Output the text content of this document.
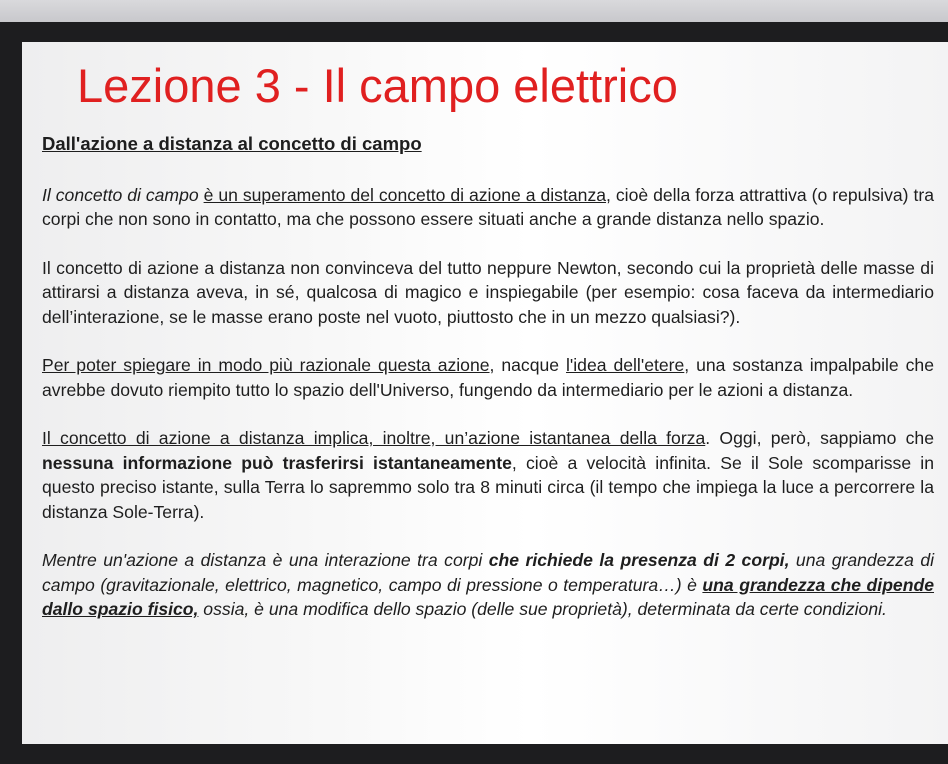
Lezione 3 - Il campo elettrico
Dall'azione a distanza al concetto di campo

Il concetto di campo è un superamento del concetto di azione a distanza, cioè della forza attrattiva (o repulsiva) tra corpi che non sono in contatto, ma che possono essere situati anche a grande distanza nello spazio.

Il concetto di azione a distanza non convinceva del tutto neppure Newton, secondo cui la proprietà delle masse di attirarsi a distanza aveva, in sé, qualcosa di magico e inspiegabile (per esempio: cosa faceva da intermediario dell’interazione, se le masse erano poste nel vuoto, piuttosto che in un mezzo qualsiasi?).

Per poter spiegare in modo più razionale questa azione, nacque l'idea dell'etere, una sostanza impalpabile che avrebbe dovuto riempito tutto lo spazio dell'Universo, fungendo da intermediario per le azioni a distanza.

Il concetto di azione a distanza implica, inoltre, un’azione istantanea della forza. Oggi, però, sappiamo che nessuna informazione può trasferirsi istantaneamente, cioè a velocità infinita. Se il Sole scomparisse in questo preciso istante, sulla Terra lo sapremmo solo tra 8 minuti circa (il tempo che impiega la luce a percorrere la distanza Sole-Terra).

Mentre un'azione a distanza è una interazione tra corpi che richiede la presenza di 2 corpi, una grandezza di campo (gravitazionale, elettrico, magnetico, campo di pressione o temperatura…) è una grandezza che dipende dallo spazio fisico, ossia, è una modifica dello spazio (delle sue proprietà), determinata da certe condizioni.
